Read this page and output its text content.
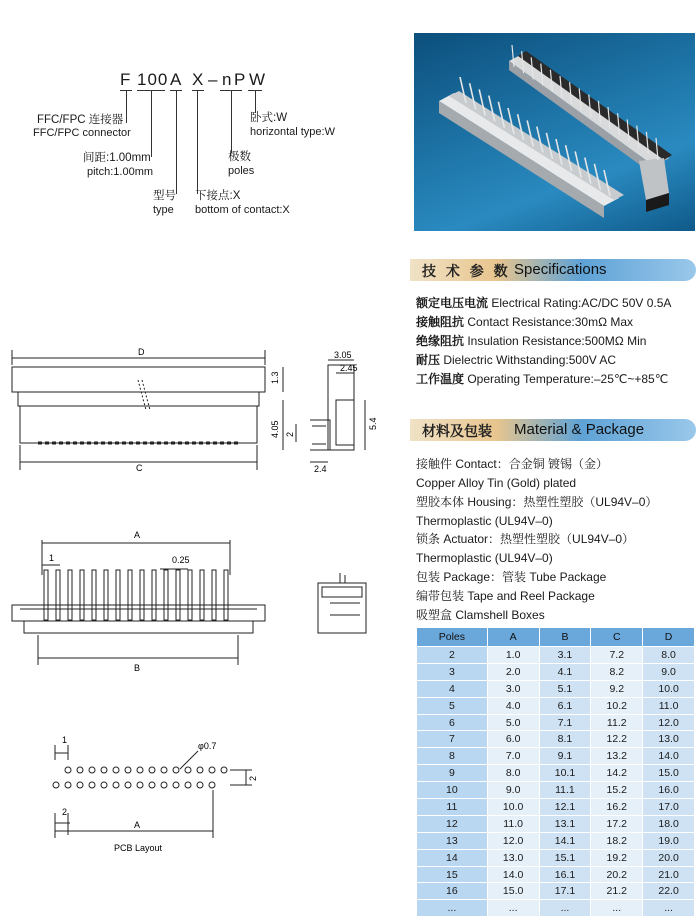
F 100 A X – n P W
FFC/FPC 连接器
FFC/FPC connector
间距:1.00mm
pitch:1.00mm
型号
type
下接点:X
bottom of contact:X
极数
poles
卧式:W
horizontal type:W
D
C
3.05
2.45
1.3
4.05 2
5.4
2.4
A
B
1	0.25
1
φ0.7
2
2
A
PCB Layout
技 术 参 数 Specifications
额定电压电流 Electrical Rating:AC/DC 50V 0.5A
接触阻抗 Contact Resistance:30mΩ Max
绝缘阻抗 Insulation Resistance:500MΩ Min
耐压 Dielectric Withstanding:500V AC
工作温度 Operating Temperature:–25℃~+85℃
材料及包装 Material & Package
接触件 Contact：合金铜 镀锡（金）
Copper Alloy Tin (Gold) plated
塑胶本体 Housing：热塑性塑胶（UL94V–0）
Thermoplastic (UL94V–0)
锁条 Actuator：热塑性塑胶（UL94V–0）
Thermoplastic (UL94V–0)
包装 Package：管装 Tube Package
编带包装 Tape and Reel Package
吸塑盒 Clamshell Boxes
Poles	A	B	C	D
2	1.0	3.1	7.2	8.0
3	2.0	4.1	8.2	9.0
4	3.0	5.1	9.2	10.0
5	4.0	6.1	10.2	11.0
6	5.0	7.1	11.2	12.0
7	6.0	8.1	12.2	13.0
8	7.0	9.1	13.2	14.0
9	8.0	10.1	14.2	15.0
10	9.0	11.1	15.2	16.0
11	10.0	12.1	16.2	17.0
12	11.0	13.1	17.2	18.0
13	12.0	14.1	18.2	19.0
14	13.0	15.1	19.2	20.0
15	14.0	16.1	20.2	21.0
16	15.0	17.1	21.2	22.0
...	...	...	...	...
